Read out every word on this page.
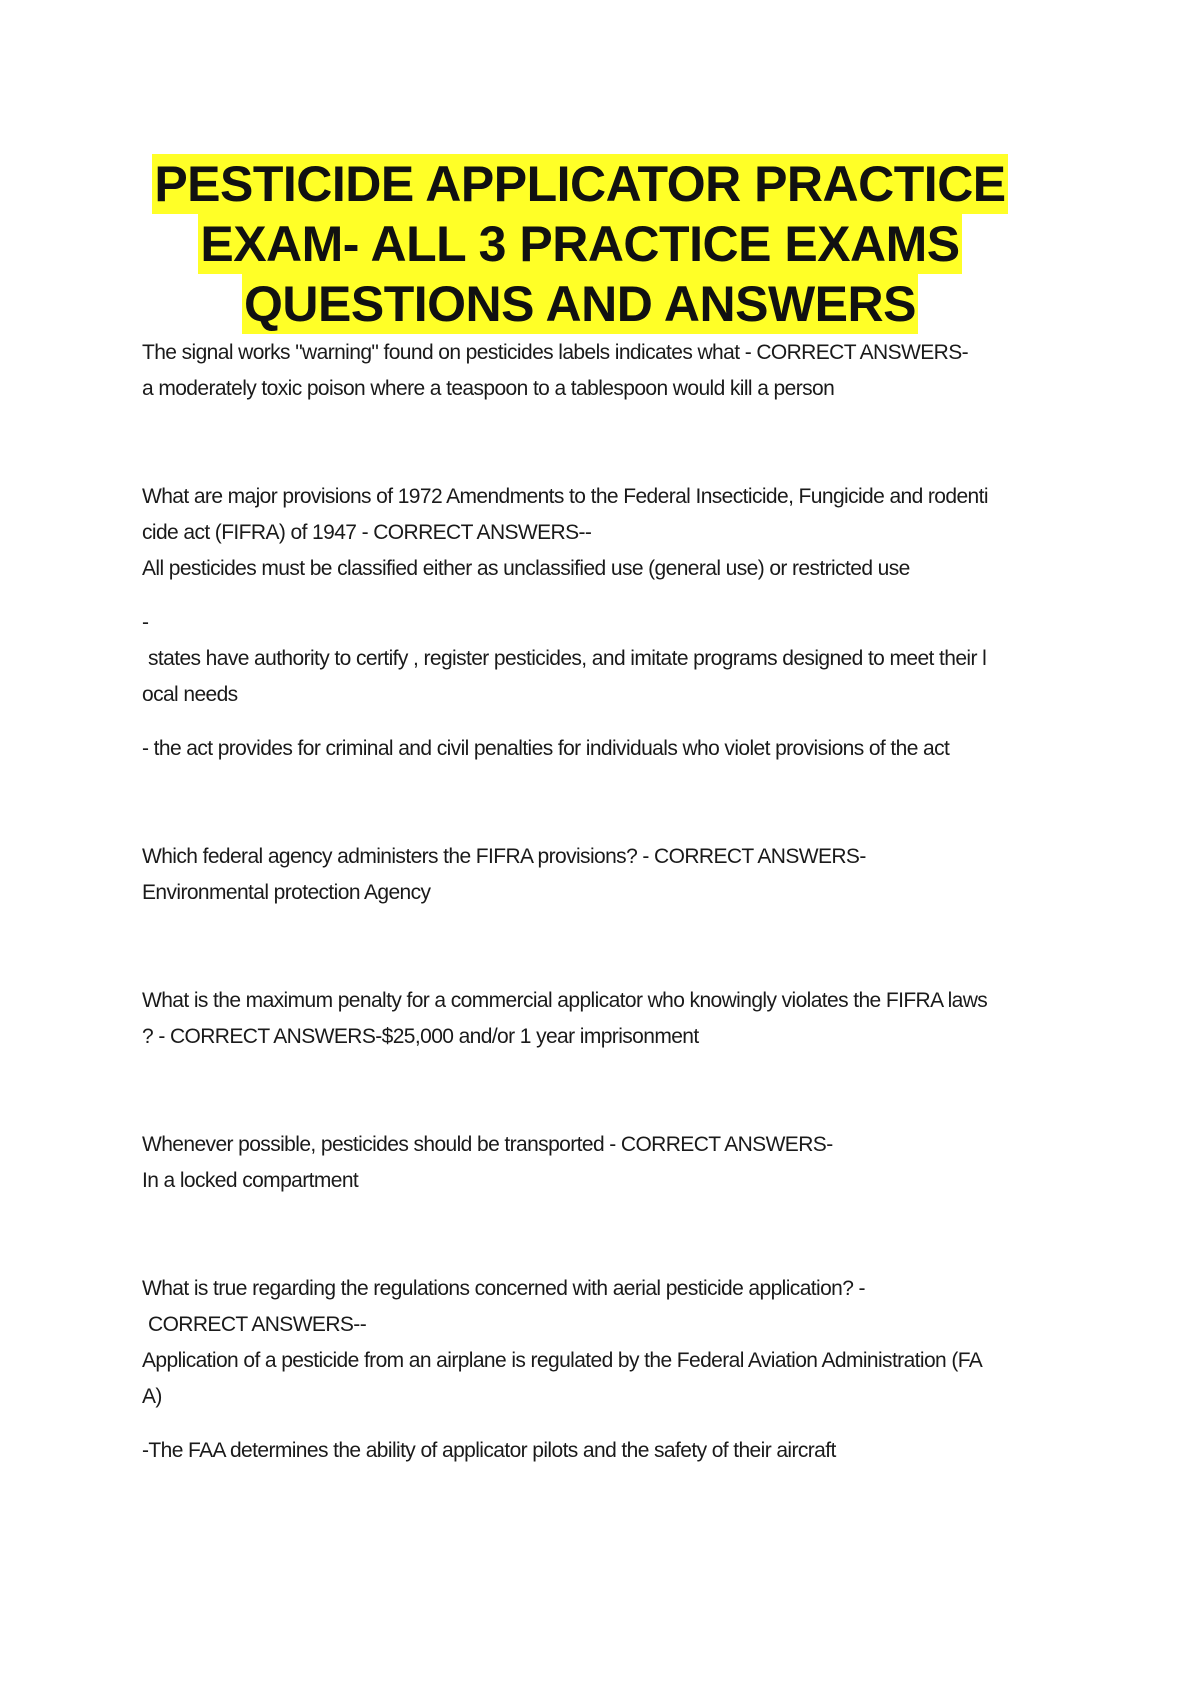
PESTICIDE APPLICATOR PRACTICE
EXAM- ALL 3 PRACTICE EXAMS
QUESTIONS AND ANSWERS
The signal works "warning" found on pesticides labels indicates what - CORRECT ANSWERS-
a moderately toxic poison where a teaspoon to a tablespoon would kill a person
What are major provisions of 1972 Amendments to the Federal Insecticide, Fungicide and rodenti
cide act (FIFRA) of 1947 - CORRECT ANSWERS--
All pesticides must be classified either as unclassified use (general use) or restricted use
-
states have authority to certify , register pesticides, and imitate programs designed to meet their l
ocal needs
- the act provides for criminal and civil penalties for individuals who violet provisions of the act
Which federal agency administers the FIFRA provisions? - CORRECT ANSWERS-
Environmental protection Agency
What is the maximum penalty for a commercial applicator who knowingly violates the FIFRA laws
? - CORRECT ANSWERS-$25,000 and/or 1 year imprisonment
Whenever possible, pesticides should be transported - CORRECT ANSWERS-
In a locked compartment
What is true regarding the regulations concerned with aerial pesticide application? -
CORRECT ANSWERS--
Application of a pesticide from an airplane is regulated by the Federal Aviation Administration (FA
A)
-The FAA determines the ability of applicator pilots and the safety of their aircraft
